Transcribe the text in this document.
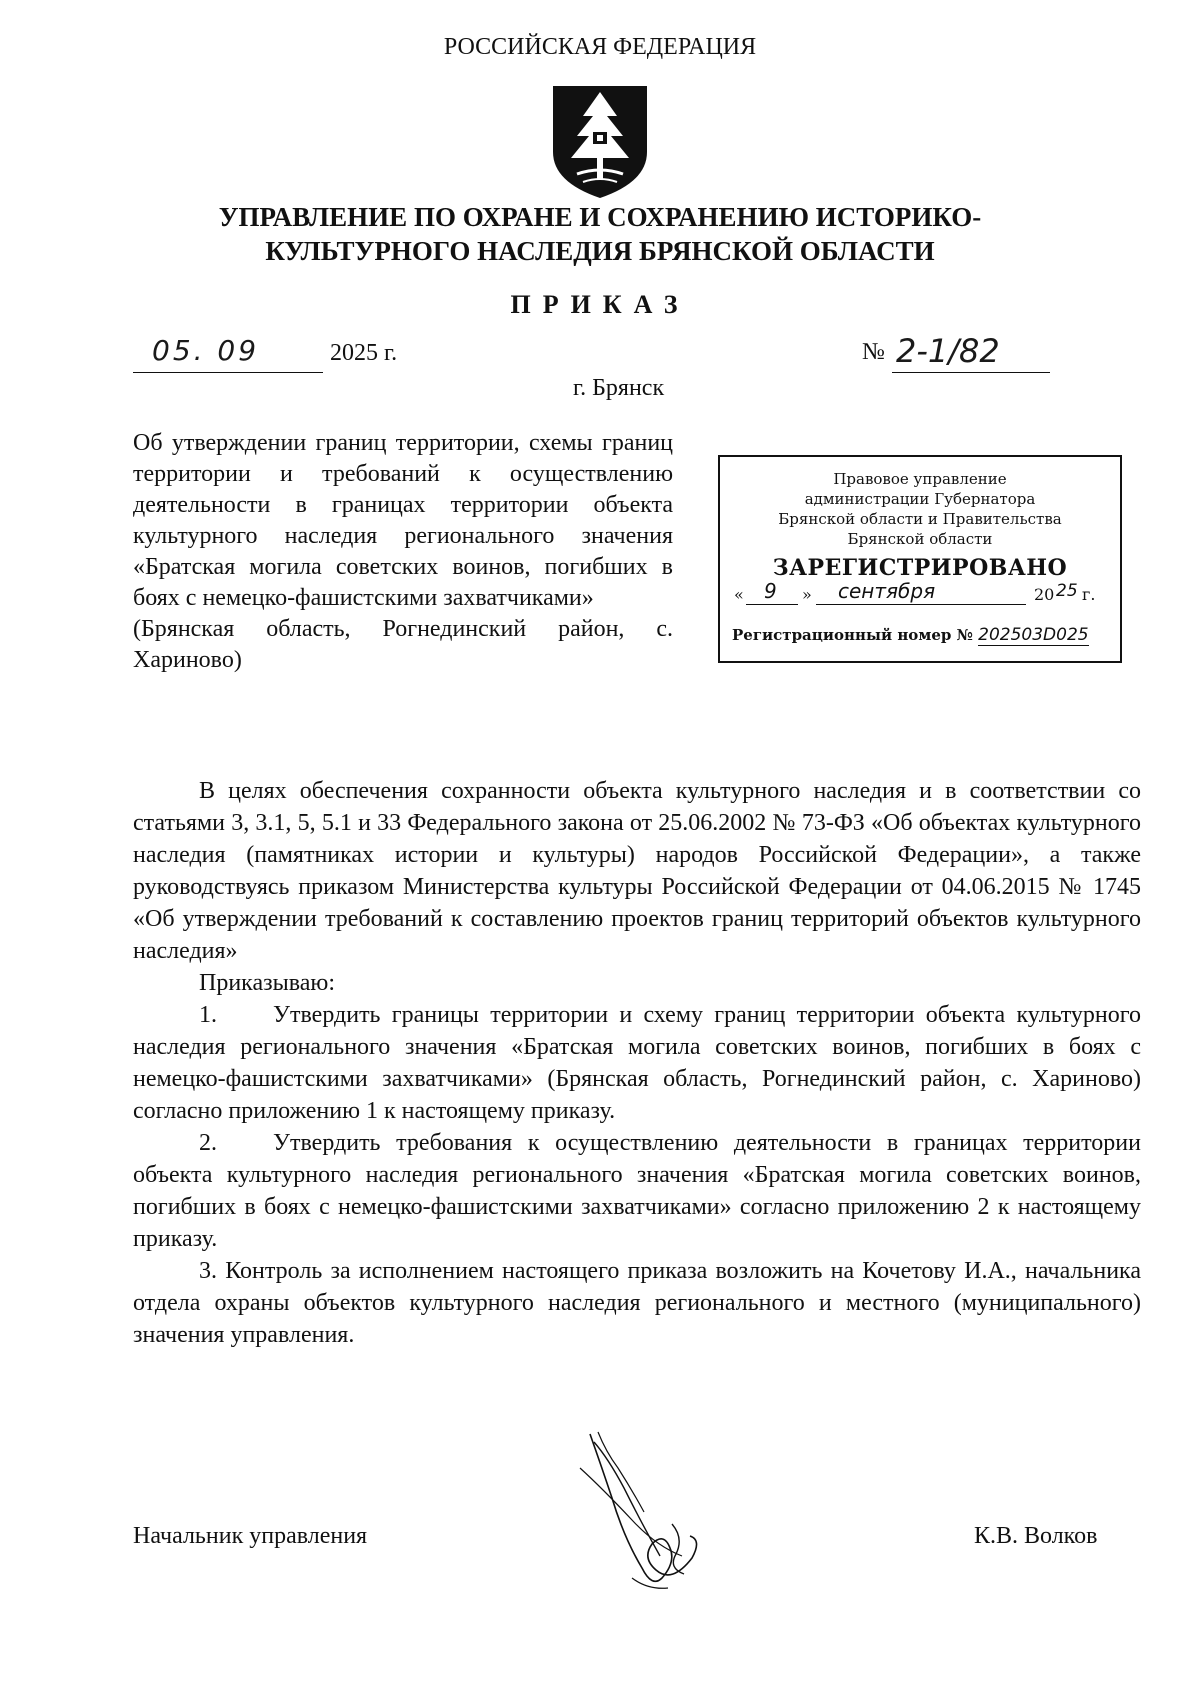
РОССИЙСКАЯ ФЕДЕРАЦИЯ
УПРАВЛЕНИЕ ПО ОХРАНЕ И СОХРАНЕНИЮ ИСТОРИКО-
КУЛЬТУРНОГО НАСЛЕДИЯ БРЯНСКОЙ ОБЛАСТИ
ПРИКАЗ
05. 09	2025 г.	№ 2-1/82
г. Брянск

Об утверждении границ территории, схемы границ территории и требований к осуществлению деятельности в границах территории объекта культурного наследия регионального значения «Братская могила советских воинов, погибших в боях с немецко-фашистскими захватчиками»

(Брянская область, Рогнединский район, с. Хариново)

Правовое управление
администрации Губернатора
Брянской области и Правительства
Брянской области
ЗАРЕГИСТРИРОВАНО
« 9 » сентября	20 25 г.
Регистрационный номер № 202503D025

В целях обеспечения сохранности объекта культурного наследия и в соответствии со статьями 3, 3.1, 5, 5.1 и 33 Федерального закона от 25.06.2002 № 73-ФЗ «Об объектах культурного наследия (памятниках истории и культуры) народов Российской Федерации», а также руководствуясь приказом Министерства культуры Российской Федерации от 04.06.2015 № 1745 «Об утверждении требований к составлению проектов границ территорий объектов культурного наследия»

Приказываю:

1. Утвердить границы территории и схему границ территории объекта культурного наследия регионального значения «Братская могила советских воинов, погибших в боях с немецко-фашистскими захватчиками» (Брянская область, Рогнединский район, с. Хариново) согласно приложению 1 к настоящему приказу.

2. Утвердить требования к осуществлению деятельности в границах территории объекта культурного наследия регионального значения «Братская могила советских воинов, погибших в боях с немецко-фашистскими захватчиками» согласно приложению 2 к настоящему приказу.

3. Контроль за исполнением настоящего приказа возложить на Кочетову И.А., начальника отдела охраны объектов культурного наследия регионального и местного (муниципального) значения управления.

Начальник управления	К.В. Волков
